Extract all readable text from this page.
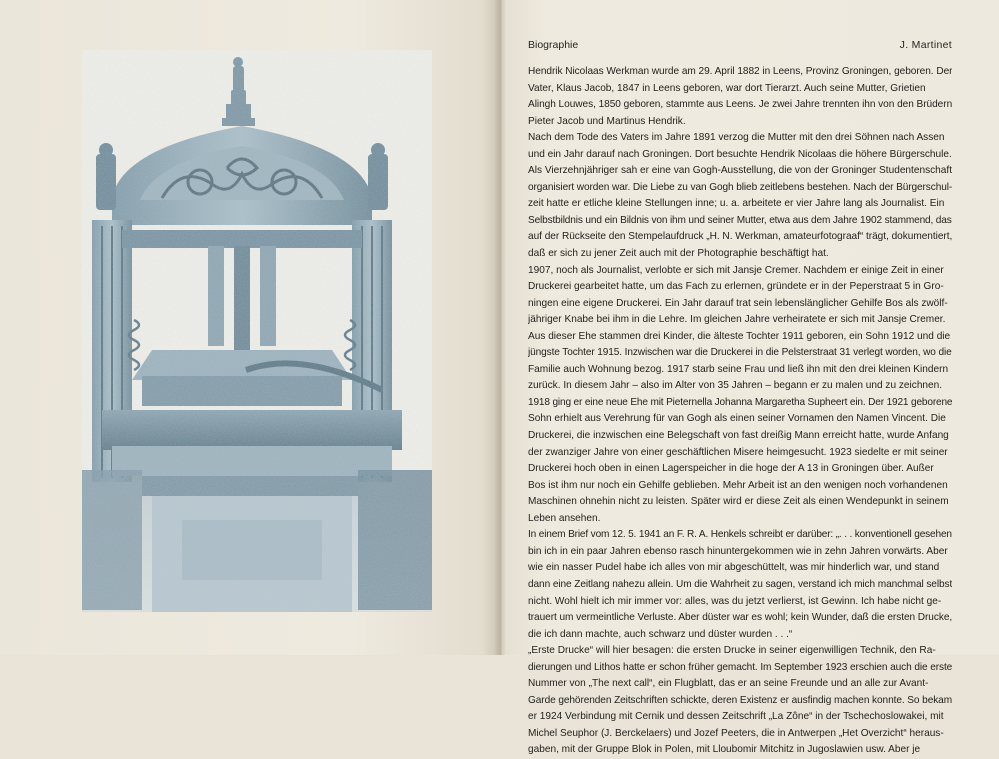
Biographie	J. Martinet
Hendrik Nicolaas Werkman wurde am 29. April 1882 in Leens, Provinz Groningen, geboren. Der
Vater, Klaus Jacob, 1847 in Leens geboren, war dort Tierarzt. Auch seine Mutter, Grietien
Alingh Louwes, 1850 geboren, stammte aus Leens. Je zwei Jahre trennten ihn von den Brüdern
Pieter Jacob und Martinus Hendrik.
Nach dem Tode des Vaters im Jahre 1891 verzog die Mutter mit den drei Söhnen nach Assen
und ein Jahr darauf nach Groningen. Dort besuchte Hendrik Nicolaas die höhere Bürgerschule.
Als Vierzehnjähriger sah er eine van Gogh-Ausstellung, die von der Groninger Studentenschaft
organisiert worden war. Die Liebe zu van Gogh blieb zeitlebens bestehen. Nach der Bürgerschul-
zeit hatte er etliche kleine Stellungen inne; u. a. arbeitete er vier Jahre lang als Journalist. Ein
Selbstbildnis und ein Bildnis von ihm und seiner Mutter, etwa aus dem Jahre 1902 stammend, das
auf der Rückseite den Stempelaufdruck „H. N. Werkman, amateurfotograaf“ trägt, dokumentiert,
daß er sich zu jener Zeit auch mit der Photographie beschäftigt hat.
1907, noch als Journalist, verlobte er sich mit Jansje Cremer. Nachdem er einige Zeit in einer
Druckerei gearbeitet hatte, um das Fach zu erlernen, gründete er in der Peperstraat 5 in Gro-
ningen eine eigene Druckerei. Ein Jahr darauf trat sein lebenslänglicher Gehilfe Bos als zwölf-
jähriger Knabe bei ihm in die Lehre. Im gleichen Jahre verheiratete er sich mit Jansje Cremer.
Aus dieser Ehe stammen drei Kinder, die älteste Tochter 1911 geboren, ein Sohn 1912 und die
jüngste Tochter 1915. Inzwischen war die Druckerei in die Pelsterstraat 31 verlegt worden, wo die
Familie auch Wohnung bezog. 1917 starb seine Frau und ließ ihn mit den drei kleinen Kindern
zurück. In diesem Jahr – also im Alter von 35 Jahren – begann er zu malen und zu zeichnen.
1918 ging er eine neue Ehe mit Pieternella Johanna Margaretha Supheert ein. Der 1921 geborene
Sohn erhielt aus Verehrung für van Gogh als einen seiner Vornamen den Namen Vincent. Die
Druckerei, die inzwischen eine Belegschaft von fast dreißig Mann erreicht hatte, wurde Anfang
der zwanziger Jahre von einer geschäftlichen Misere heimgesucht. 1923 siedelte er mit seiner
Druckerei hoch oben in einen Lagerspeicher in die hoge der A 13 in Groningen über. Außer
Bos ist ihm nur noch ein Gehilfe geblieben. Mehr Arbeit ist an den wenigen noch vorhandenen
Maschinen ohnehin nicht zu leisten. Später wird er diese Zeit als einen Wendepunkt in seinem
Leben ansehen.
In einem Brief vom 12. 5. 1941 an F. R. A. Henkels schreibt er darüber: „. . . konventionell gesehen
bin ich in ein paar Jahren ebenso rasch hinuntergekommen wie in zehn Jahren vorwärts. Aber
wie ein nasser Pudel habe ich alles von mir abgeschüttelt, was mir hinderlich war, und stand
dann eine Zeitlang nahezu allein. Um die Wahrheit zu sagen, verstand ich mich manchmal selbst
nicht. Wohl hielt ich mir immer vor: alles, was du jetzt verlierst, ist Gewinn. Ich habe nicht ge-
trauert um vermeintliche Verluste. Aber düster war es wohl; kein Wunder, daß die ersten Drucke,
die ich dann machte, auch schwarz und düster wurden . . .“
„Erste Drucke“ will hier besagen: die ersten Drucke in seiner eigenwilligen Technik, den Ra-
dierungen und Lithos hatte er schon früher gemacht. Im September 1923 erschien auch die erste
Nummer von „The next call“, ein Flugblatt, das er an seine Freunde und an alle zur Avant-
Garde gehörenden Zeitschriften schickte, deren Existenz er ausfindig machen konnte. So bekam
er 1924 Verbindung mit Cernik und dessen Zeitschrift „La Zône“ in der Tschechoslowakei, mit
Michel Seuphor (J. Berckelaers) und Jozef Peeters, die in Antwerpen „Het Overzicht“ heraus-
gaben, mit der Gruppe Blok in Polen, mit Lloubomir Mitchitz in Jugoslawien usw. Aber je
